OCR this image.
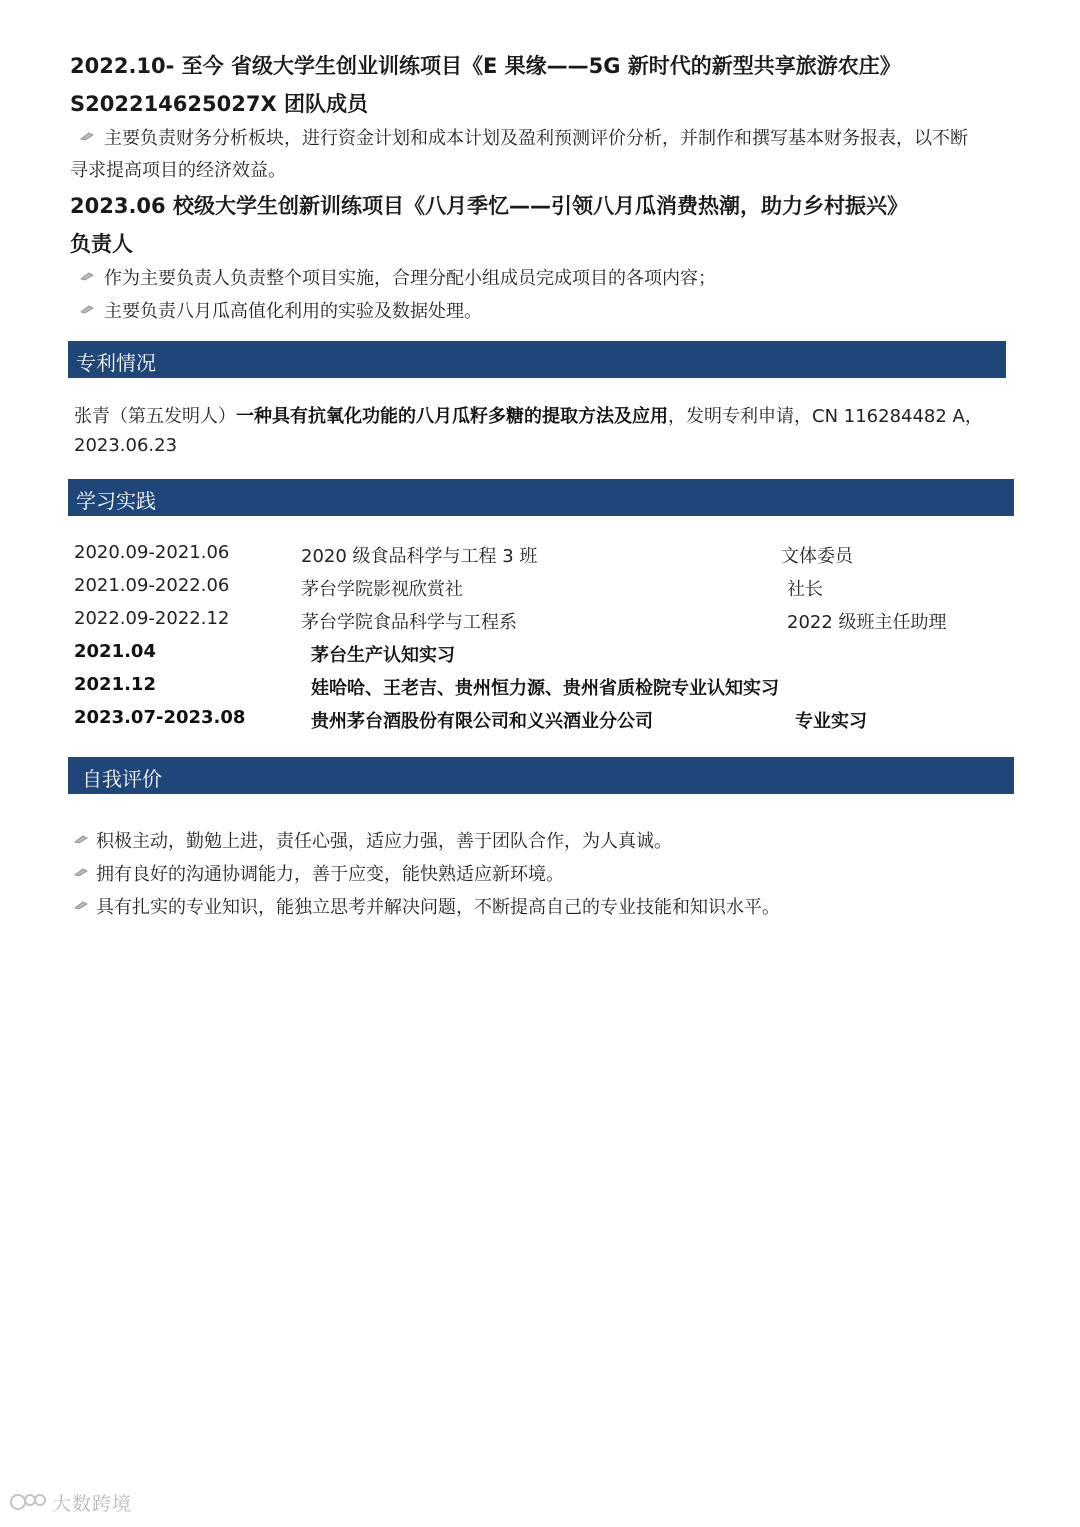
2022.10- 至今 省级大学生创业训练项目《E 果缘——5G 新时代的新型共享旅游农庄》
S202214625027X 团队成员
主要负责财务分析板块，进行资金计划和成本计划及盈利预测评价分析，并制作和撰写基本财务报表，以不断
寻求提高项目的经济效益。
2023.06 校级大学生创新训练项目《八月季忆——引领八月瓜消费热潮，助力乡村振兴》
负责人
作为主要负责人负责整个项目实施，合理分配小组成员完成项目的各项内容；
主要负责八月瓜高值化利用的实验及数据处理。
专利情况
张青（第五发明人）一种具有抗氧化功能的八月瓜籽多糖的提取方法及应用，发明专利申请，CN 116284482 A，
2023.06.23
学习实践
2020.09-2021.06	2020 级食品科学与工程 3 班	文体委员
2021.09-2022.06	茅台学院影视欣赏社	社长
2022.09-2022.12	茅台学院食品科学与工程系	2022 级班主任助理
2021.04	茅台生产认知实习
2021.12	娃哈哈、王老吉、贵州恒力源、贵州省质检院专业认知实习
2023.07-2023.08	贵州茅台酒股份有限公司和义兴酒业分公司	专业实习
自我评价
积极主动，勤勉上进，责任心强，适应力强，善于团队合作，为人真诚。
拥有良好的沟通协调能力，善于应变，能快熟适应新环境。
具有扎实的专业知识，能独立思考并解决问题，不断提高自己的专业技能和知识水平。
大数跨境
